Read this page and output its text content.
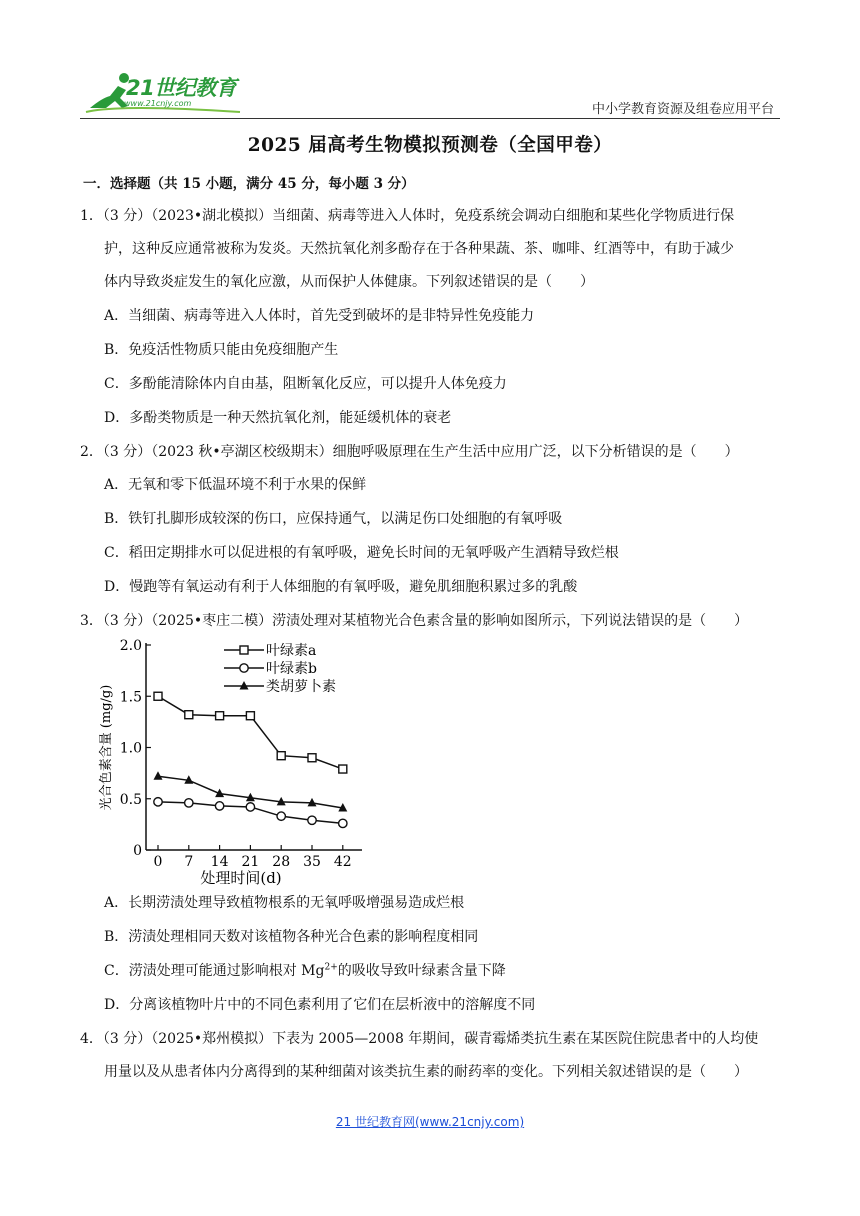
21世纪教育
www.21cnjy.com	中小学教育资源及组卷应用平台
2025 届高考生物模拟预测卷（全国甲卷）
一．选择题（共 15 小题，满分 45 分，每小题 3 分）
1．（3 分）（2023•湖北模拟）当细菌、病毒等进入人体时，免疫系统会调动白细胞和某些化学物质进行保
护，这种反应通常被称为发炎。天然抗氧化剂多酚存在于各种果蔬、茶、咖啡、红酒等中，有助于减少
体内导致炎症发生的氧化应激，从而保护人体健康。下列叙述错误的是（　　）
A．当细菌、病毒等进入人体时，首先受到破坏的是非特异性免疫能力
B．免疫活性物质只能由免疫细胞产生
C．多酚能清除体内自由基，阻断氧化反应，可以提升人体免疫力
D．多酚类物质是一种天然抗氧化剂，能延缓机体的衰老
2．（3 分）（2023 秋•亭湖区校级期末）细胞呼吸原理在生产生活中应用广泛，以下分析错误的是（　　）
A．无氧和零下低温环境不利于水果的保鲜
B．铁钉扎脚形成较深的伤口，应保持通气，以满足伤口处细胞的有氧呼吸
C．稻田定期排水可以促进根的有氧呼吸，避免长时间的无氧呼吸产生酒精导致烂根
D．慢跑等有氧运动有利于人体细胞的有氧呼吸，避免肌细胞积累过多的乳酸
3．（3 分）（2025•枣庄二模）涝渍处理对某植物光合色素含量的影响如图所示，下列说法错误的是（　　）
0
0.5
1.0
1.5
2.0
0 7 14 21 28 35 42
处理时间(d)
光合色素含量 (mg/g)
叶绿素a
叶绿素b
类胡萝卜素
A．长期涝渍处理导致植物根系的无氧呼吸增强易造成烂根
B．涝渍处理相同天数对该植物各种光合色素的影响程度相同
C．涝渍处理可能通过影响根对 $Mg^{2+}$的吸收导致叶绿素含量下降
D．分离该植物叶片中的不同色素利用了它们在层析液中的溶解度不同
4．（3 分）（2025•郑州模拟）下表为 2005—2008 年期间，碳青霉烯类抗生素在某医院住院患者中的人均使
用量以及从患者体内分离得到的某种细菌对该类抗生素的耐药率的变化。下列相关叙述错误的是（　　）
21 世纪教育网(www.21cnjy.com)
